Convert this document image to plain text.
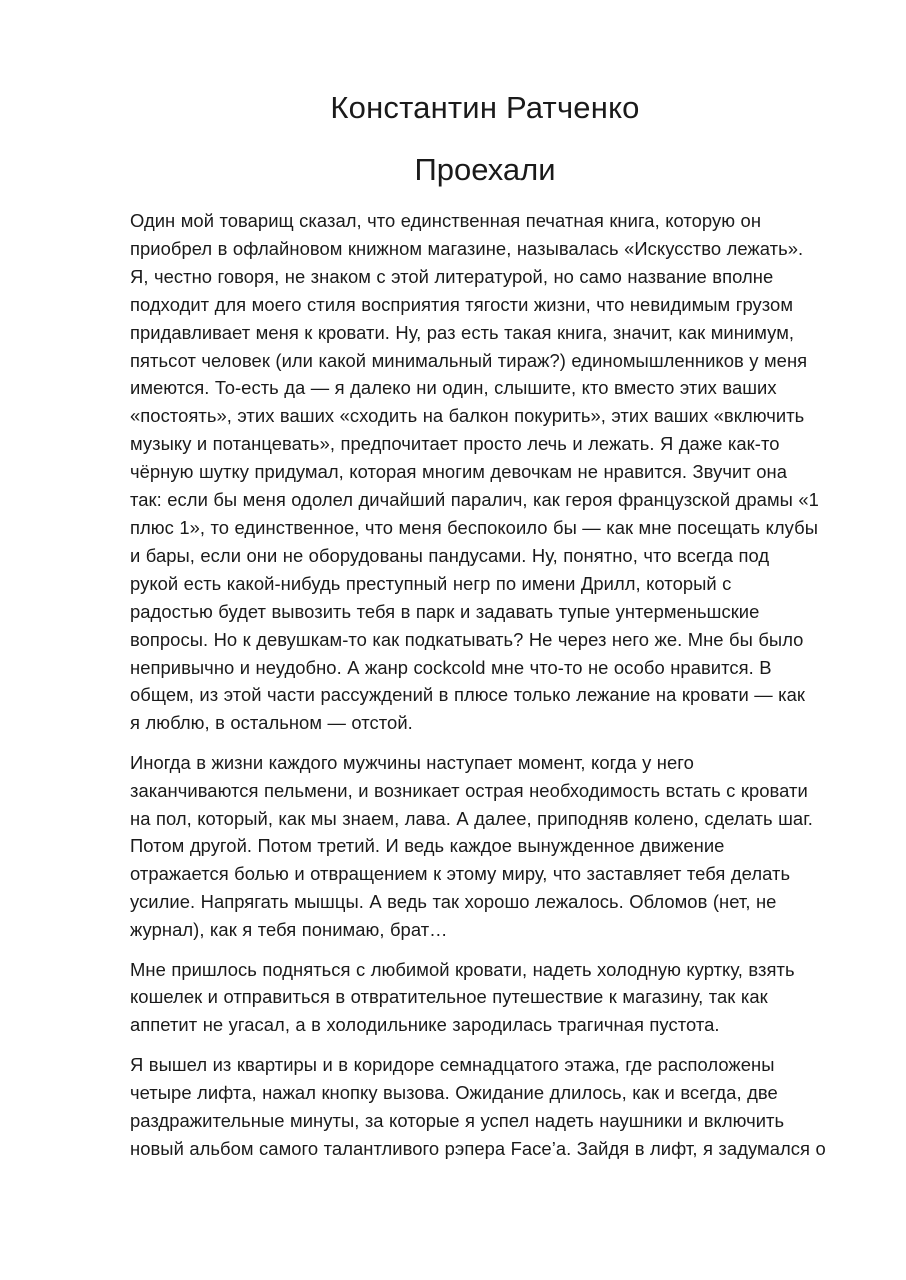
Константин Ратченко
Проехали

Один мой товарищ сказал, что единственная печатная книга, которую он
приобрел в офлайновом книжном магазине, называлась «Искусство лежать».
Я, честно говоря, не знаком с этой литературой, но само название вполне
подходит для моего стиля восприятия тягости жизни, что невидимым грузом
придавливает меня к кровати. Ну, раз есть такая книга, значит, как минимум,
пятьсот человек (или какой минимальный тираж?) единомышленников у меня
имеются. То-есть да — я далеко ни один, слышите, кто вместо этих ваших
«постоять», этих ваших «сходить на балкон покурить», этих ваших «включить
музыку и потанцевать», предпочитает просто лечь и лежать. Я даже как-то
чёрную шутку придумал, которая многим девочкам не нравится. Звучит она
так: если бы меня одолел дичайший паралич, как героя французской драмы «1
плюс 1», то единственное, что меня беспокоило бы — как мне посещать клубы
и бары, если они не оборудованы пандусами. Ну, понятно, что всегда под
рукой есть какой-нибудь преступный негр по имени Дрилл, который с
радостью будет вывозить тебя в парк и задавать тупые унтерменьшские
вопросы. Но к девушкам-то как подкатывать? Не через него же. Мне бы было
непривычно и неудобно. А жанр cockcold мне что-то не особо нравится. В
общем, из этой части рассуждений в плюсе только лежание на кровати — как
я люблю, в остальном — отстой.

Иногда в жизни каждого мужчины наступает момент, когда у него
заканчиваются пельмени, и возникает острая необходимость встать с кровати
на пол, который, как мы знаем, лава. А далее, приподняв колено, сделать шаг.
Потом другой. Потом третий. И ведь каждое вынужденное движение
отражается болью и отвращением к этому миру, что заставляет тебя делать
усилие. Напрягать мышцы. А ведь так хорошо лежалось. Обломов (нет, не
журнал), как я тебя понимаю, брат…

Мне пришлось подняться с любимой кровати, надеть холодную куртку, взять
кошелек и отправиться в отвратительное путешествие к магазину, так как
аппетит не угасал, а в холодильнике зародилась трагичная пустота.

Я вышел из квартиры и в коридоре семнадцатого этажа, где расположены
четыре лифта, нажал кнопку вызова. Ожидание длилось, как и всегда, две
раздражительные минуты, за которые я успел надеть наушники и включить
новый альбом самого талантливого рэпера Face’a. Зайдя в лифт, я задумался о
